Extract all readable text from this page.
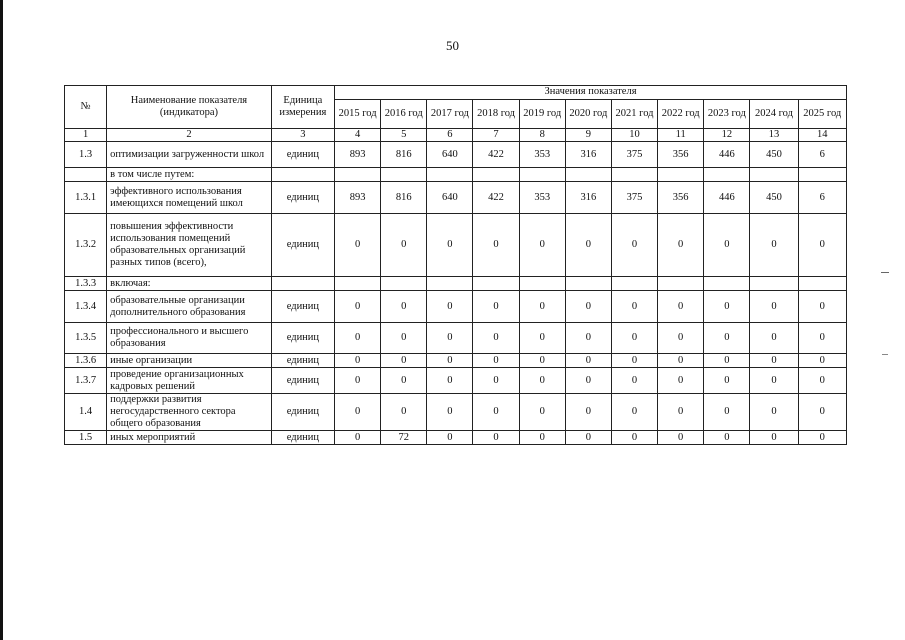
50
№	Наименование показателя (индикатора)	Единица измерения	Значения показателя										
			2015 год	2016 год	2017 год	2018 год	2019 год	2020 год	2021 год	2022 год	2023 год	2024 год	2025 год
1	2	3	4	5	6	7	8	9	10	11	12	13	14
1.3	оптимизации загруженности школ	единиц	893	816	640	422	353	316	375	356	446	450	6
	в том числе путем:												
1.3.1	эффективного использования имеющихся помещений школ	единиц	893	816	640	422	353	316	375	356	446	450	6
1.3.2	повышения эффективности использования помещений образовательных организаций разных типов (всего),	единиц	0	0	0	0	0	0	0	0	0	0	0
1.3.3	включая:												
1.3.4	образовательные организации дополнительного образования	единиц	0	0	0	0	0	0	0	0	0	0	0
1.3.5	профессионального и высшего образования	единиц	0	0	0	0	0	0	0	0	0	0	0
1.3.6	иные организации	единиц	0	0	0	0	0	0	0	0	0	0	0
1.3.7	проведение организационных кадровых решений	единиц	0	0	0	0	0	0	0	0	0	0	0
1.4	поддержки развития негосударственного сектора общего образования	единиц	0	0	0	0	0	0	0	0	0	0	0
1.5	иных мероприятий	единиц	0	72	0	0	0	0	0	0	0	0	0
